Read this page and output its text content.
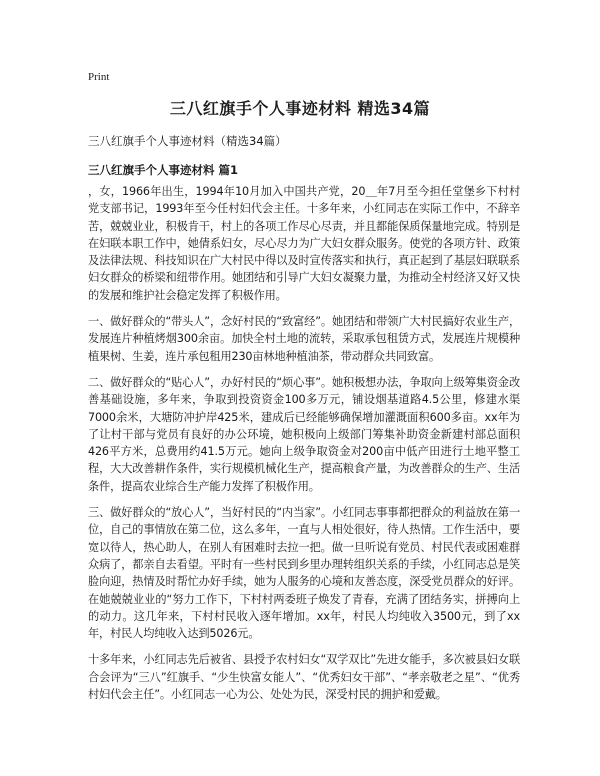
Print
三八红旗手个人事迹材料 精选34篇
三八红旗手个人事迹材料（精选34篇）
三八红旗手个人事迹材料 篇1

，女，1966年出生，1994年10月加入中国共产党，20＿年7月至今担任堂堡乡下村村党支部书记，1993年至今任村妇代会主任。十多年来，小红同志在实际工作中，不辞辛苦，兢兢业业，积极肯干，村上的各项工作尽心尽责，并且都能保质保量地完成。特别是在妇联本职工作中，她倩系妇女，尽心尽力为广大妇女群众服务。使党的各项方针、政策及法律法规、科技知识在广大村民中得以及时宣传落实和执行，真正起到了基层妇联联系妇女群众的桥梁和纽带作用。她团结和引导广大妇女凝聚力量，为推动全村经济又好又快的发展和维护社会稳定发挥了积极作用。

一、做好群众的“带头人”，念好村民的“致富经”。她团结和带领广大村民搞好农业生产，发展连片种植烤烟300余亩。加快全村土地的流转，采取承包租赁方式，发展连片规模种植果树、生姜，连片承包租用230亩林地种植油茶，带动群众共同致富。

二、做好群众的“贴心人”，办好村民的“烦心事”。她积极想办法，争取向上级筹集资金改善基础设施，多年来，争取到投资资金100多万元，铺设烟基道路4.5公里，修建水渠7000余米，大塘防冲护岸425米，建成后已经能够确保增加灌溉面积600多亩。xx年为了让村干部与党员有良好的办公环境，她积极向上级部门筹集补助资金新建村部总面积426平方米，总费用约41.5万元。她向上级争取资金对200亩中低产田进行土地平整工程，大大改善耕作条件，实行规模机械化生产，提高粮食产量，为改善群众的生产、生活条件，提高农业综合生产能力发挥了积极作用。

三、做好群众的“放心人”，当好村民的“内当家”。小红同志事事都把群众的利益放在第一位，自己的事情放在第二位，这么多年，一直与人相处很好，待人热情。工作生活中，要宽以待人，热心助人，在别人有困难时去拉一把。做一旦听说有党员、村民代表或困难群众病了，都亲自去看望。平时有一些村民到乡里办理转组织关系的手续，小红同志总是笑脸向迎，热情及时帮忙办好手续，她为人服务的心境和友善态度，深受党员群众的好评。在她兢兢业业的“努力工作下，下村村两委班子焕发了青春，充满了团结务实，拼搏向上的动力。这几年来，下村村民收入逐年增加。xx年，村民人均纯收入3500元，到了xx年，村民人均纯收入达到5026元。

十多年来，小红同志先后被省、县授予农村妇女“双学双比”先进女能手，多次被县妇女联合会评为“三八”红旗手、“少生快富女能人”、“优秀妇女干部”、“孝亲敬老之星”、“优秀村妇代会主任”。小红同志一心为公、处处为民，深受村民的拥护和爱戴。
